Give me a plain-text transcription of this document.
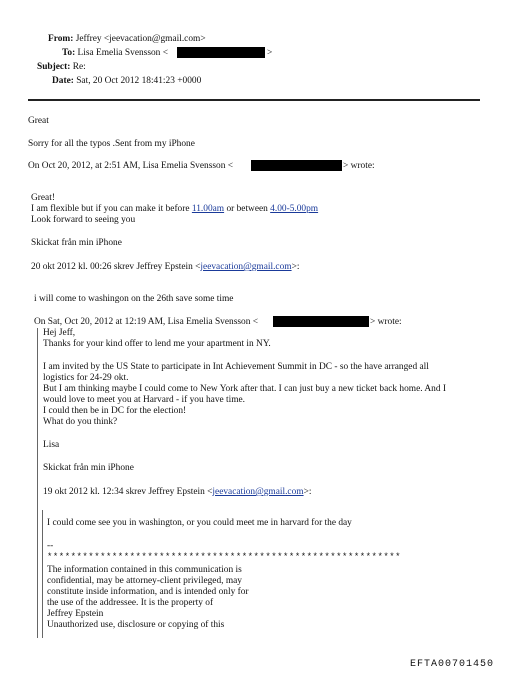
From: Jeffrey <jeevacation@gmail.com>
To: Lisa Emelia Svensson <	>
Subject: Re:
Date: Sat, 20 Oct 2012 18:41:23 +0000
Great
Sorry for all the typos .Sent from my iPhone
On Oct 20, 2012, at 2:51 AM, Lisa Emelia Svensson <	> wrote:
Great!
I am flexible but if you can make it before 11.00am or between 4.00-5.00pm
Look forward to seeing you
Skickat från min iPhone
20 okt 2012 kl. 00:26 skrev Jeffrey Epstein <jeevacation@gmail.com>:
i will come to washingon on the 26th save some time
On Sat, Oct 20, 2012 at 12:19 AM, Lisa Emelia Svensson <	> wrote:
Hej Jeff,
Thanks for your kind offer to lend me your apartment in NY.
I am invited by the US State to participate in Int Achievement Summit in DC - so the have arranged all
logistics for 24-29 okt.
But I am thinking maybe I could come to New York after that. I can just buy a new ticket back home. And I
would love to meet you at Harvard - if you have time.
I could then be in DC for the election!
What do you think?
Lisa
Skickat från min iPhone
19 okt 2012 kl. 12:34 skrev Jeffrey Epstein <jeevacation@gmail.com>:
I could come see you in washington, or you could meet me in harvard for the day
--
************************************************************
The information contained in this communication is
confidential, may be attorney-client privileged, may
constitute inside information, and is intended only for
the use of the addressee. It is the property of
Jeffrey Epstein
Unauthorized use, disclosure or copying of this
EFTA00701450
